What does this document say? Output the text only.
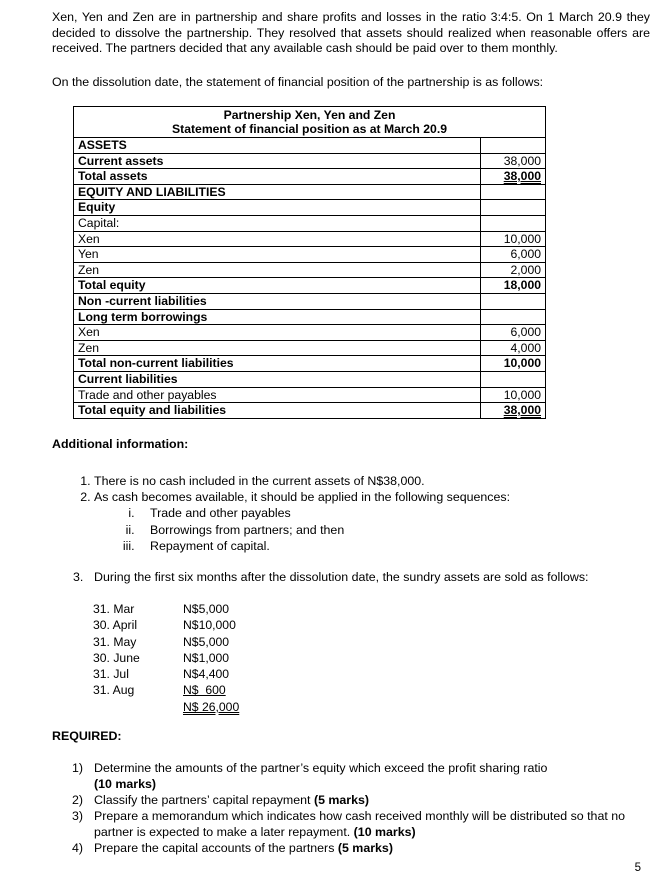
Xen, Yen and Zen are in partnership and share profits and losses in the ratio 3:4:5. On 1 March 20.9 they decided to dissolve the partnership. They resolved that assets should realized when reasonable offers are received. The partners decided that any available cash should be paid over to them monthly.
On the dissolution date, the statement of financial position of the partnership is as follows:
Partnership Xen, Yen and Zen
Statement of financial position as at March 20.9	

ASSETS	
Current assets	38,000
Total assets	38,000
EQUITY AND LIABILITIES	
Equity	
Capital:	
Xen	10,000
Yen	6,000
Zen	2,000
Total equity	18,000
Non -current liabilities	
Long term borrowings	
Xen	6,000
Zen	4,000
Total non-current liabilities	10,000
Current liabilities	
Trade and other payables	10,000
Total equity and liabilities	38,000
Additional information:
1. There is no cash included in the current assets of N$38,000.
2. As cash becomes available, it should be applied in the following sequences:
i. Trade and other payables
ii. Borrowings from partners; and then
iii. Repayment of capital.
3. During the first six months after the dissolution date, the sundry assets are sold as follows:
31. Mar	N$5,000
30. April	N$10,000
31. May	N$5,000
30. June	N$1,000
31. Jul	N$4,400
31. Aug	N$  600
	N$ 26,000
REQUIRED:
1) Determine the amounts of the partner’s equity which exceed the profit sharing ratio
(10 marks)
2) Classify the partners’ capital repayment (5 marks)
3) Prepare a memorandum which indicates how cash received monthly will be distributed so that no partner is expected to make a later repayment. (10 marks)
4) Prepare the capital accounts of the partners (5 marks)
5
